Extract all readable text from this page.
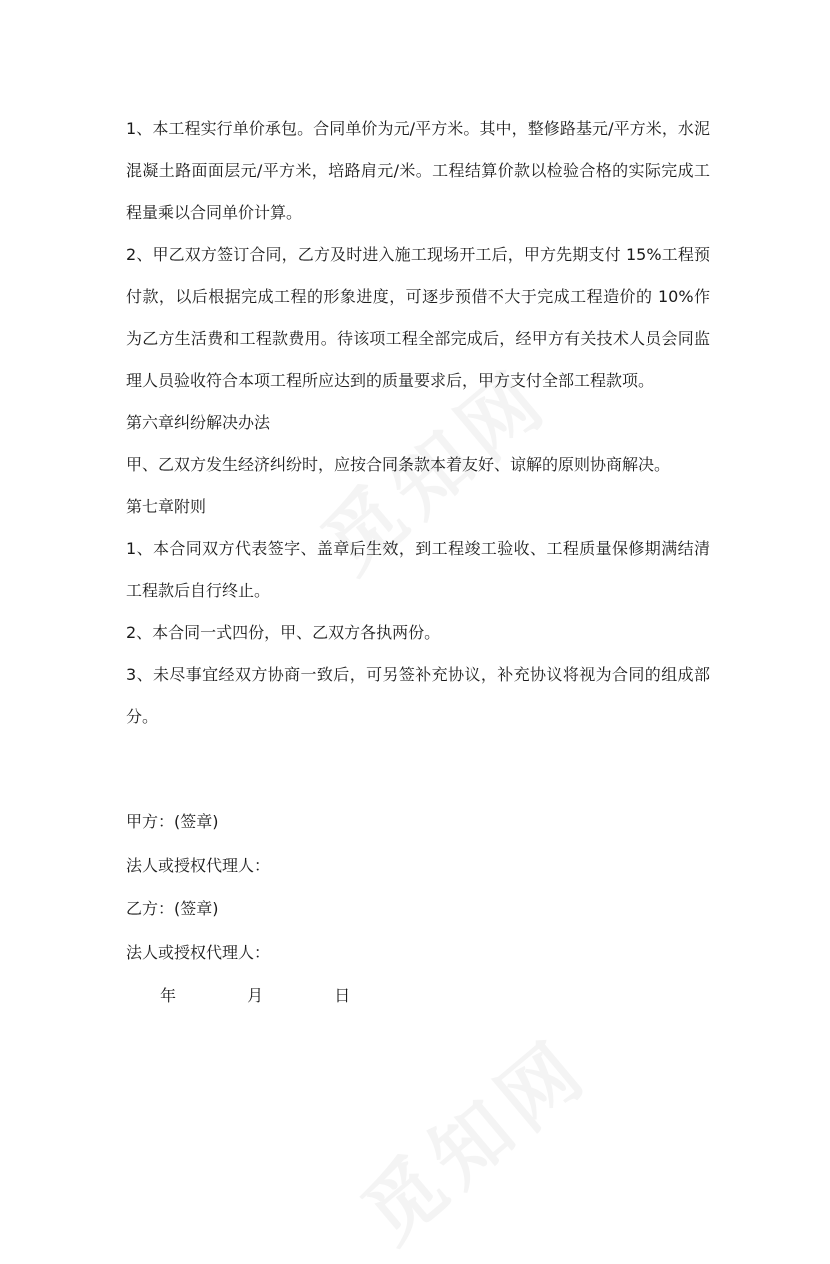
1、本工程实行单价承包。合同单价为元/平方米。其中，整修路基元/平方米，水泥混凝土路面面层元/平方米，培路肩元/米。工程结算价款以检验合格的实际完成工程量乘以合同单价计算。

2、甲乙双方签订合同，乙方及时进入施工现场开工后，甲方先期支付 15%工程预付款，以后根据完成工程的形象进度，可逐步预借不大于完成工程造价的 10%作为乙方生活费和工程款费用。待该项工程全部完成后，经甲方有关技术人员会同监理人员验收符合本项工程所应达到的质量要求后，甲方支付全部工程款项。

第六章纠纷解决办法

甲、乙双方发生经济纠纷时，应按合同条款本着友好、谅解的原则协商解决。

第七章附则

1、本合同双方代表签字、盖章后生效，到工程竣工验收、工程质量保修期满结清工程款后自行终止。

2、本合同一式四份，甲、乙双方各执两份。

3、未尽事宜经双方协商一致后，可另签补充协议，补充协议将视为合同的组成部分。

甲方：(签章)

法人或授权代理人：

乙方：(签章)

法人或授权代理人：

年	月	日
